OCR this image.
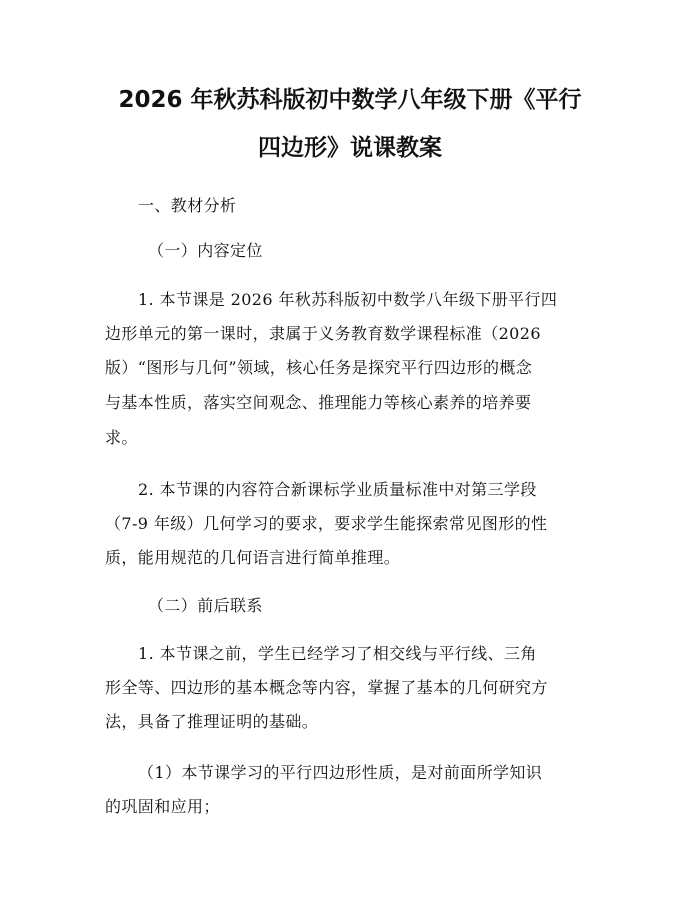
2026 年秋苏科版初中数学八年级下册《平行
四边形》说课教案
一、教材分析
（一）内容定位
1. 本节课是 2026 年秋苏科版初中数学八年级下册平行四
边形单元的第一课时，隶属于义务教育数学课程标准（2026
版）“图形与几何”领域，核心任务是探究平行四边形的概念
与基本性质，落实空间观念、推理能力等核心素养的培养要
求。
2. 本节课的内容符合新课标学业质量标准中对第三学段
（7-9 年级）几何学习的要求，要求学生能探索常见图形的性
质，能用规范的几何语言进行简单推理。
（二）前后联系
1. 本节课之前，学生已经学习了相交线与平行线、三角
形全等、四边形的基本概念等内容，掌握了基本的几何研究方
法，具备了推理证明的基础。
（1）本节课学习的平行四边形性质，是对前面所学知识
的巩固和应用；
